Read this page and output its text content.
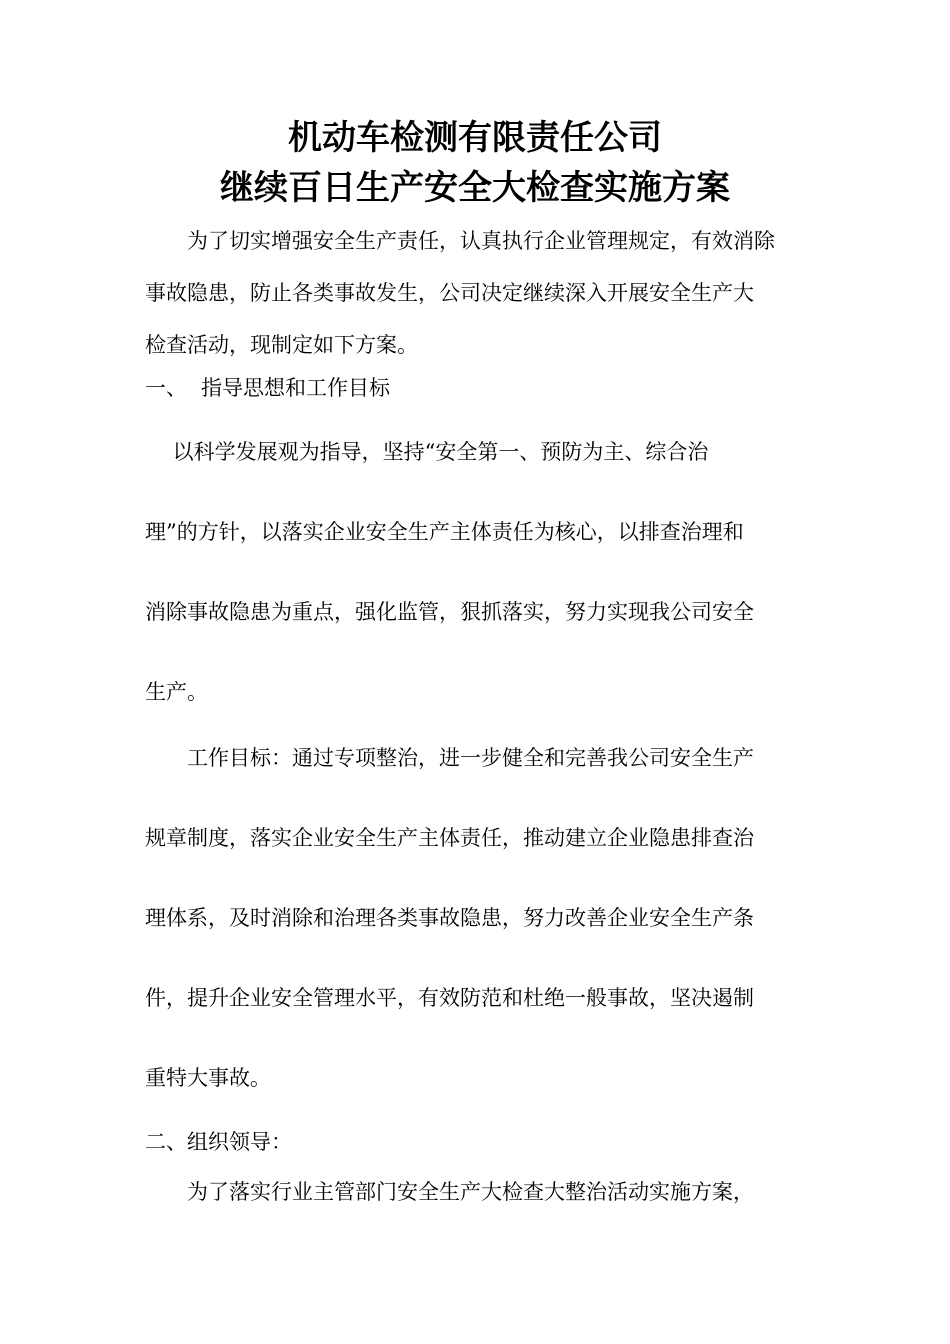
机动车检测有限责任公司
继续百日生产安全大检查实施方案
　　为了切实增强安全生产责任，认真执行企业管理规定，有效消除
事故隐患，防止各类事故发生，公司决定继续深入开展安全生产大
检查活动，现制定如下方案。
一、 指导思想和工作目标
　 以科学发展观为指导，坚持“安全第一、预防为主、综合治
理”的方针，以落实企业安全生产主体责任为核心，以排查治理和
消除事故隐患为重点，强化监管，狠抓落实，努力实现我公司安全
生产。
　　工作目标：通过专项整治，进一步健全和完善我公司安全生产
规章制度，落实企业安全生产主体责任，推动建立企业隐患排查治
理体系，及时消除和治理各类事故隐患，努力改善企业安全生产条
件，提升企业安全管理水平，有效防范和杜绝一般事故，坚决遏制
重特大事故。
二、组织领导：
　　为了落实行业主管部门安全生产大检查大整治活动实施方案，
